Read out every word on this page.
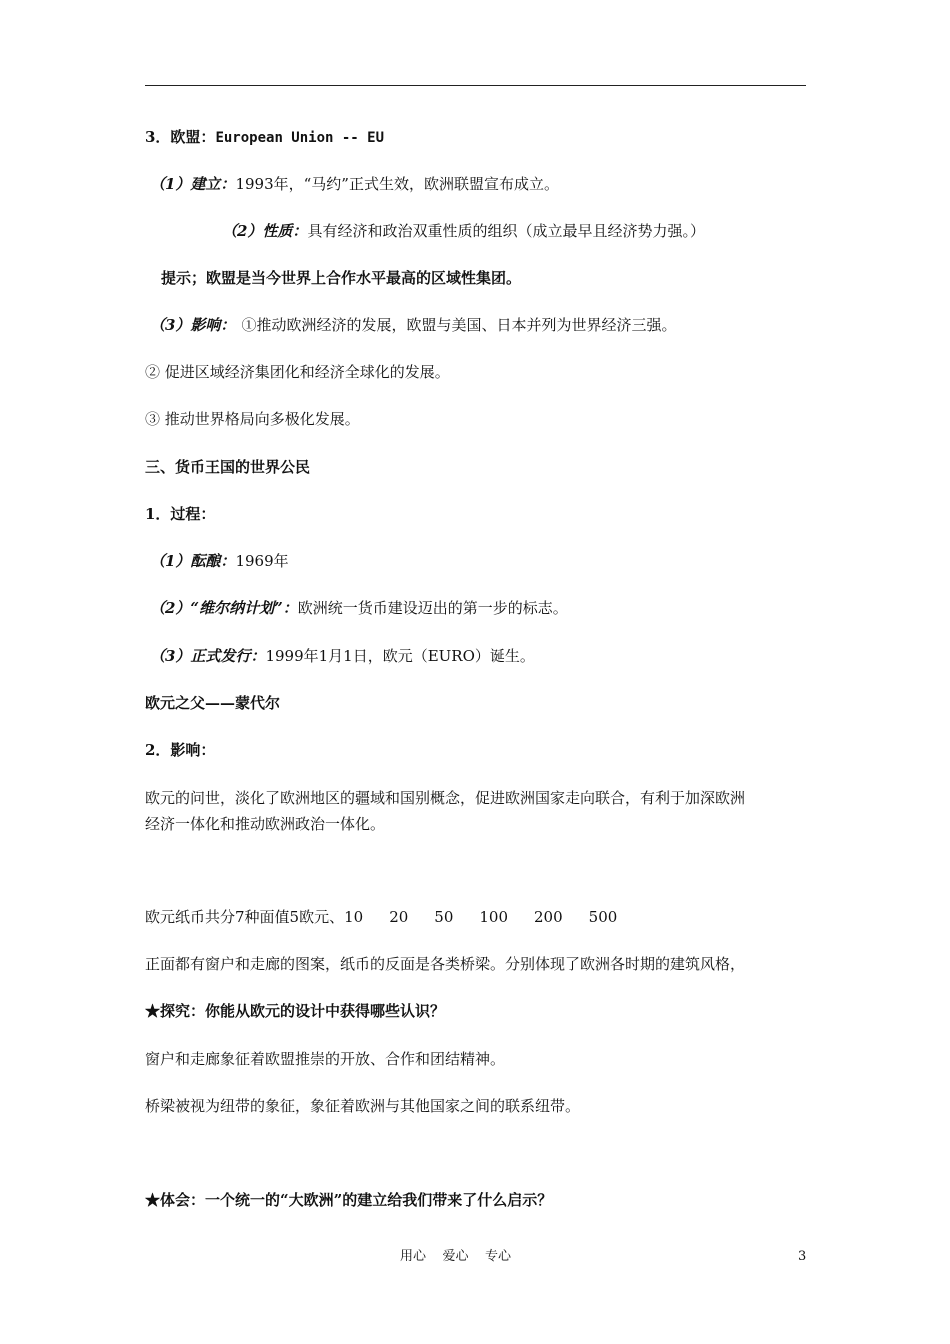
3．欧盟：European Union -- EU
（1）建立：1993年，“马约”正式生效，欧洲联盟宣布成立。
（2）性质：具有经济和政治双重性质的组织（成立最早且经济势力强。）
提示；欧盟是当今世界上合作水平最高的区域性集团。
（3）影响： ①推动欧洲经济的发展，欧盟与美国、日本并列为世界经济三强。
② 促进区域经济集团化和经济全球化的发展。
③ 推动世界格局向多极化发展。
三、货币王国的世界公民
1．过程：
（1）酝酿：1969年
（2）“维尔纳计划”：欧洲统一货币建设迈出的第一步的标志。
（3）正式发行：1999年1月1日，欧元（EURO）诞生。
欧元之父——蒙代尔
2．影响：
欧元的问世，淡化了欧洲地区的疆域和国别概念，促进欧洲国家走向联合，有利于加深欧洲
经济一体化和推动欧洲政治一体化。
欧元纸币共分7种面值5欧元、10 20 50 100 200 500
正面都有窗户和走廊的图案，纸币的反面是各类桥梁。分别体现了欧洲各时期的建筑风格，
★探究：你能从欧元的设计中获得哪些认识？
窗户和走廊象征着欧盟推崇的开放、合作和团结精神。
桥梁被视为纽带的象征，象征着欧洲与其他国家之间的联系纽带。
★体会：一个统一的“大欧洲”的建立给我们带来了什么启示？
用心    爱心    专心	3
